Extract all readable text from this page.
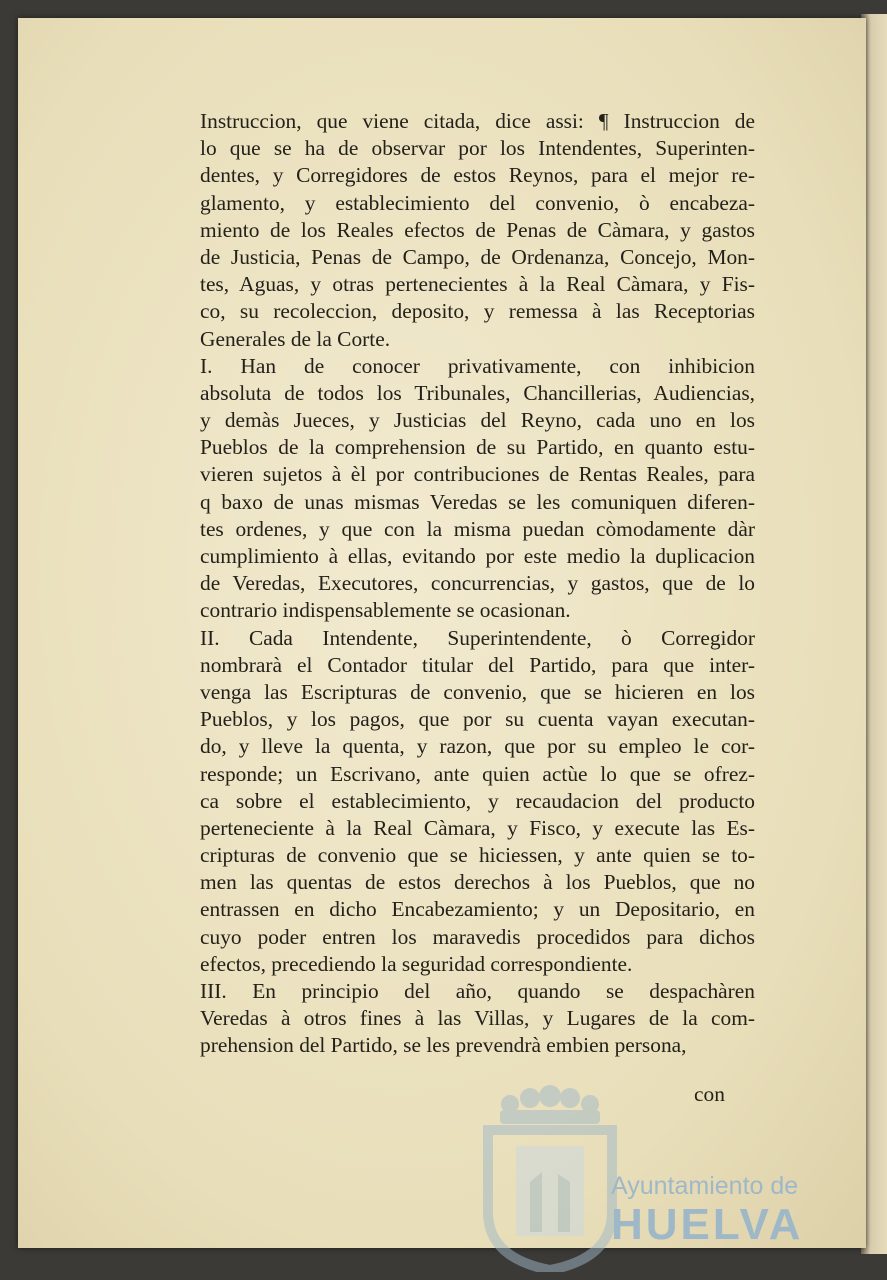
Instruccion, que viene citada, dice assi: ¶ Instruccion de
lo que se ha de observar por los Intendentes, Superinten-
dentes, y Corregidores de estos Reynos, para el mejor re-
glamento, y establecimiento del convenio, ò encabeza-
miento de los Reales efectos de Penas de Càmara, y gastos
de Justicia, Penas de Campo, de Ordenanza, Concejo, Mon-
tes, Aguas, y otras pertenecientes à la Real Càmara, y Fis-
co, su recoleccion, deposito, y remessa à las Receptorias
Generales de la Corte.
I. Han de conocer privativamente, con inhibicion
absoluta de todos los Tribunales, Chancillerias, Audiencias,
y demàs Jueces, y Justicias del Reyno, cada uno en los
Pueblos de la comprehension de su Partido, en quanto estu-
vieren sujetos à èl por contribuciones de Rentas Reales, para
q baxo de unas mismas Veredas se les comuniquen diferen-
tes ordenes, y que con la misma puedan còmodamente dàr
cumplimiento à ellas, evitando por este medio la duplicacion
de Veredas, Executores, concurrencias, y gastos, que de lo
contrario indispensablemente se ocasionan.
II. Cada Intendente, Superintendente, ò Corregidor
nombrarà el Contador titular del Partido, para que inter-
venga las Escripturas de convenio, que se hicieren en los
Pueblos, y los pagos, que por su cuenta vayan executan-
do, y lleve la quenta, y razon, que por su empleo le cor-
responde; un Escrivano, ante quien actùe lo que se ofrez-
ca sobre el establecimiento, y recaudacion del producto
perteneciente à la Real Càmara, y Fisco, y execute las Es-
cripturas de convenio que se hiciessen, y ante quien se to-
men las quentas de estos derechos à los Pueblos, que no
entrassen en dicho Encabezamiento; y un Depositario, en
cuyo poder entren los maravedis procedidos para dichos
efectos, precediendo la seguridad correspondiente.
III. En principio del año, quando se despachàren
Veredas à otros fines à las Villas, y Lugares de la com-
prehension del Partido, se les prevendrà embien persona,
con
Ayuntamiento de
HUELVA
